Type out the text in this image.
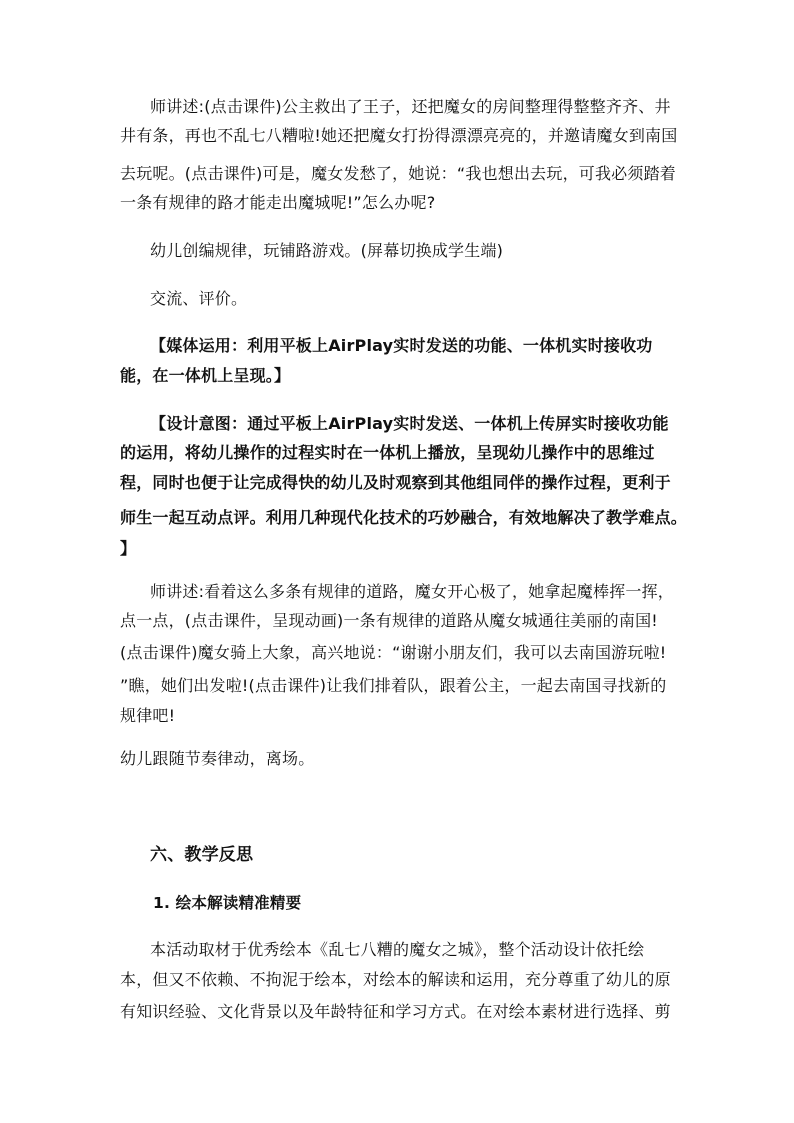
师讲述:(点击课件)公主救出了王子，还把魔女的房间整理得整整齐齐、井
井有条，再也不乱七八糟啦!她还把魔女打扮得漂漂亮亮的，并邀请魔女到南国
去玩呢。(点击课件)可是，魔女发愁了，她说：“我也想出去玩，可我必须踏着
一条有规律的路才能走出魔城呢!”怎么办呢?
幼儿创编规律，玩铺路游戏。(屏幕切换成学生端)
交流、评价。
【媒体运用：利用平板上AirPlay实时发送的功能、一体机实时接收功
能，在一体机上呈现。】
【设计意图：通过平板上AirPlay实时发送、一体机上传屏实时接收功能
的运用，将幼儿操作的过程实时在一体机上播放，呈现幼儿操作中的思维过
程，同时也便于让完成得快的幼儿及时观察到其他组同伴的操作过程，更利于
师生一起互动点评。利用几种现代化技术的巧妙融合，有效地解决了教学难点。
】
师讲述:看着这么多条有规律的道路，魔女开心极了，她拿起魔棒挥一挥，
点一点，(点击课件，呈现动画)一条有规律的道路从魔女城通往美丽的南国!
(点击课件)魔女骑上大象，高兴地说：“谢谢小朋友们，我可以去南国游玩啦!
”瞧，她们出发啦!(点击课件)让我们排着队，跟着公主，一起去南国寻找新的
规律吧!
幼儿跟随节奏律动，离场。
六、教学反思
1. 绘本解读精准精要
本活动取材于优秀绘本《乱七八糟的魔女之城》，整个活动设计依托绘
本，但又不依赖、不拘泥于绘本，对绘本的解读和运用，充分尊重了幼儿的原
有知识经验、文化背景以及年龄特征和学习方式。在对绘本素材进行选择、剪
